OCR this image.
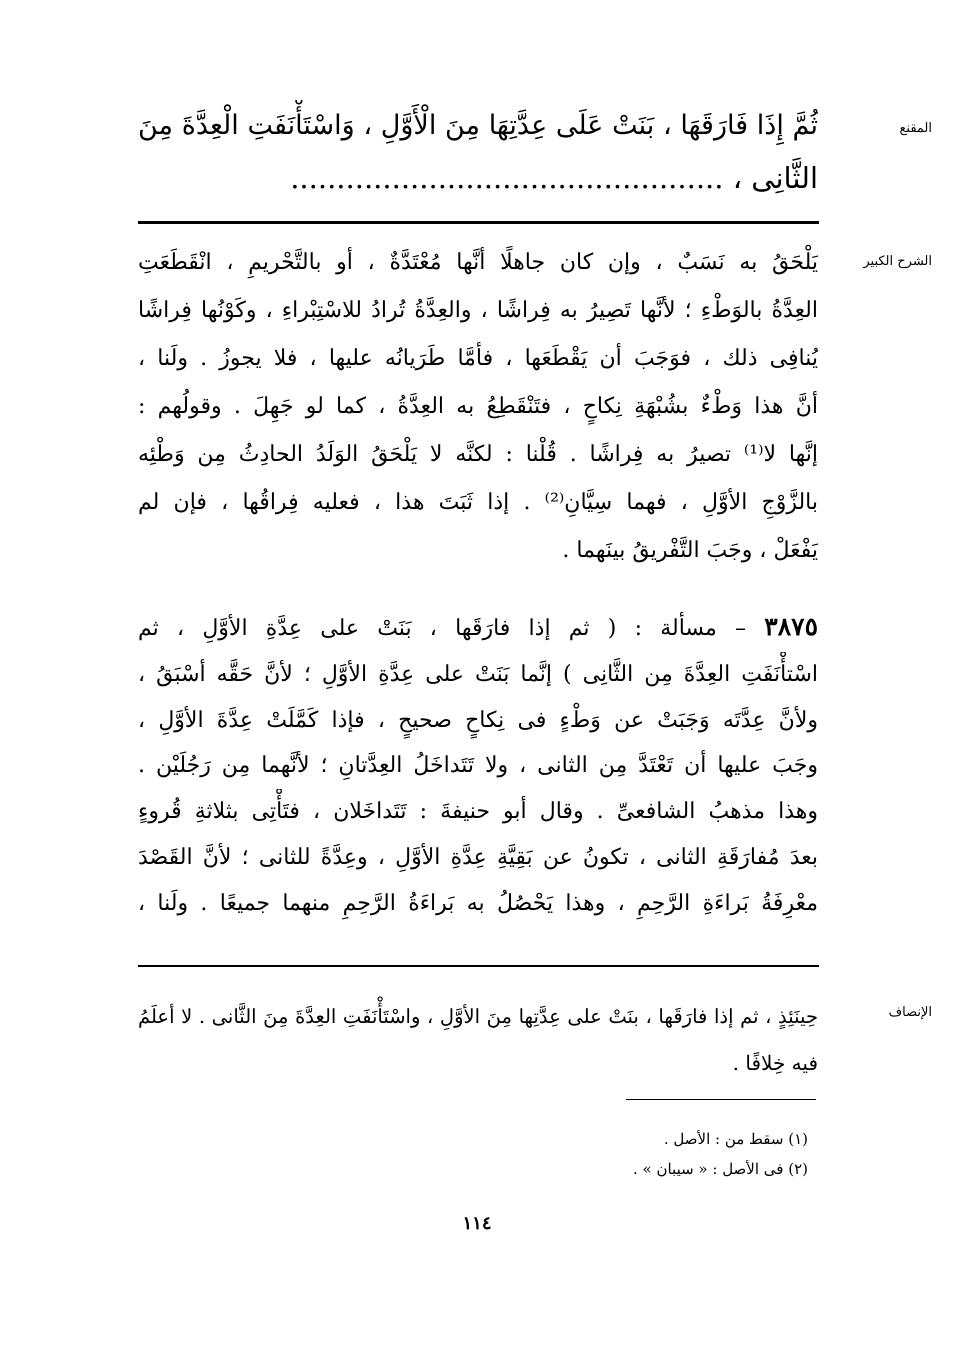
المقنع
ثُمَّ إِذَا فَارَقَهَا ، بَنَتْ عَلَى عِدَّتِهَا مِنَ الْأَوَّلِ ، وَاسْتَأْنَفَتِ الْعِدَّةَ مِنَ
الثَّانِى ، ...............................................
الشرح الكبير
يَلْحَقُ به نَسَبٌ ، وإن كان جاهلًا أنَّها مُعْتَدَّةٌ ، أو بالتَّحْريمِ ، انْقَطَعَتِ
العِدَّةُ بالوَطْءِ ؛ لأنَّها تَصِيرُ به فِراشًا ، والعِدَّةُ تُرادُ للاسْتِبْراءِ ، وكَوْنُها فِراشًا
يُنافِى ذلك ، فوَجَبَ أن يَقْطَعَها ، فأمَّا طَرَيانُه عليها ، فلا يجوزُ . ولَنا ،
أنَّ هذا وَطْءٌ بشُبْهَةِ نِكاحٍ ، فتَنْقَطِعُ به العِدَّةُ ، كما لو جَهِلَ . وقولُهم :
إنَّها لا⁽¹⁾ تصيرُ به فِراشًا . قُلْنا : لكنَّه لا يَلْحَقُ الوَلَدُ الحادِثُ مِن وَطْئِه
بالزَّوْجِ الأوَّلِ ، فهما سِيَّانِ⁽²⁾ . إذا ثَبَتَ هذا ، فعليه فِراقُها ، فإن لم
يَفْعَلْ ، وجَبَ التَّفْريقُ بينَهما .
٣٨٧٥ – مسألة : ( ثم إذا فارَقَها ، بَنَتْ على عِدَّةِ الأوَّلِ ، ثم
اسْتأْنَفَتِ العِدَّةَ مِن الثَّانِى ) إنَّما بَنَتْ على عِدَّةِ الأوَّلِ ؛ لأنَّ حَقَّه أسْبَقُ ،
ولأنَّ عِدَّتَه وَجَبَتْ عن وَطْءٍ فى نِكاحٍ صحيحٍ ، فإذا كَمَّلَتْ عِدَّةَ الأوَّلِ ،
وجَبَ عليها أن تَعْتَدَّ مِن الثانى ، ولا تَتَداخَلُ العِدَّتانِ ؛ لأنَّهما مِن رَجُلَيْن .
وهذا مذهبُ الشافعىِّ . وقال أبو حنيفةَ : تَتَداخَلان ، فتَأْتِى بثلاثةِ قُروءٍ
بعدَ مُفارَقَةِ الثانى ، تكونُ عن بَقِيَّةِ عِدَّةِ الأوَّلِ ، وعِدَّةً للثانى ؛ لأنَّ القَصْدَ
معْرِفَةُ بَراءَةِ الرَّحِمِ ، وهذا يَحْصُلُ به بَراءَةُ الرَّحِمِ منهما جميعًا . ولَنا ،
الإنصاف
حِينَئِذٍ ، ثم إذا فارَقَها ، بنَتْ على عِدَّتِها مِنَ الأوَّلِ ، واسْتَأْنَفَتِ العِدَّةَ مِنَ الثَّانى . لا أعلَمُ
فيه خِلافًا .
(١) سقط من : الأصل .
(٢) فى الأصل : « سيبان » .
١١٤
